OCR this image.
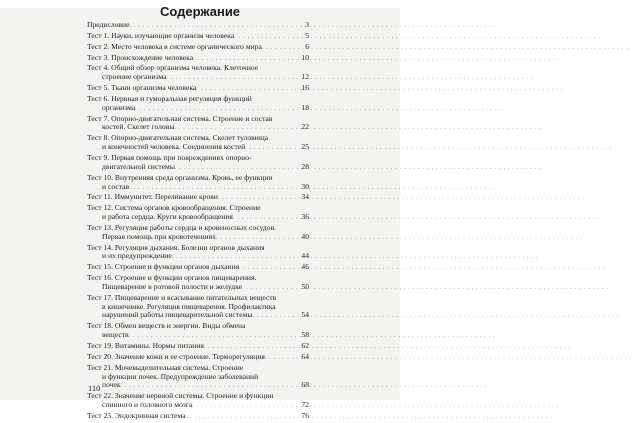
Содержание
Предисловие . . .	3
Тест 1. Науки, изучающие организм человека . . .	5
Тест 2. Место человека в системе органического мира . . .	6
Тест 3. Происхождение человека . . .	10
Тест 4. Общий обзор организма человека. Клеточное
строение организма . . .	12
Тест 5. Ткани организма человека . . .	16
Тест 6. Нервная и гуморальная регуляция функций
организма . . .	18
Тест 7. Опорно-двигательная система. Строение и состав
костей. Скелет головы . . .	22
Тест 8. Опорно-двигательная система. Скелет туловища
и конечностей человека. Соединения костей . . .	25
Тест 9. Первая помощь при повреждениях опорно-
двигательной системы . . .	28
Тест 10. Внутренняя среда организма. Кровь, ее функции
и состав . . .	30
Тест 11. Иммунитет. Переливание крови . . .	34
Тест 12. Система органов кровообращения. Строение
и работа сердца. Круги кровообращения . . .	36
Тест 13. Регуляция работы сердца и кровеносных сосудов.
Первая помощь при кровотечениях . . .	40
Тест 14. Регуляция дыхания. Болезни органов дыхания
и их предупреждение . . .	44
Тест 15. Строение и функции органов дыхания . . .	46
Тест 16. Строение и функции органов пищеварения.
Пищеварение в ротовой полости и желудке . . .	50
Тест 17. Пищеварение и всасывание питательных веществ
в кишечнике. Регуляция пищеварения. Профилактика
нарушений работы пищеварительной системы . . .	54
Тест 18. Обмен веществ и энергии. Виды обмена
веществ . . .	58
Тест 19. Витамины. Нормы питания . . .	62
Тест 20. Значение кожи и ее строение. Терморегуляция . . .	64
Тест 21. Мочевыделительная система. Строение
и функции почек. Предупреждение заболеваний
почек . . .	68
Тест 22. Значение нервной системы. Строение и функции
спинного и головного мозга . . .	72
Тест 23. Эндокринная система . . .	76
110
